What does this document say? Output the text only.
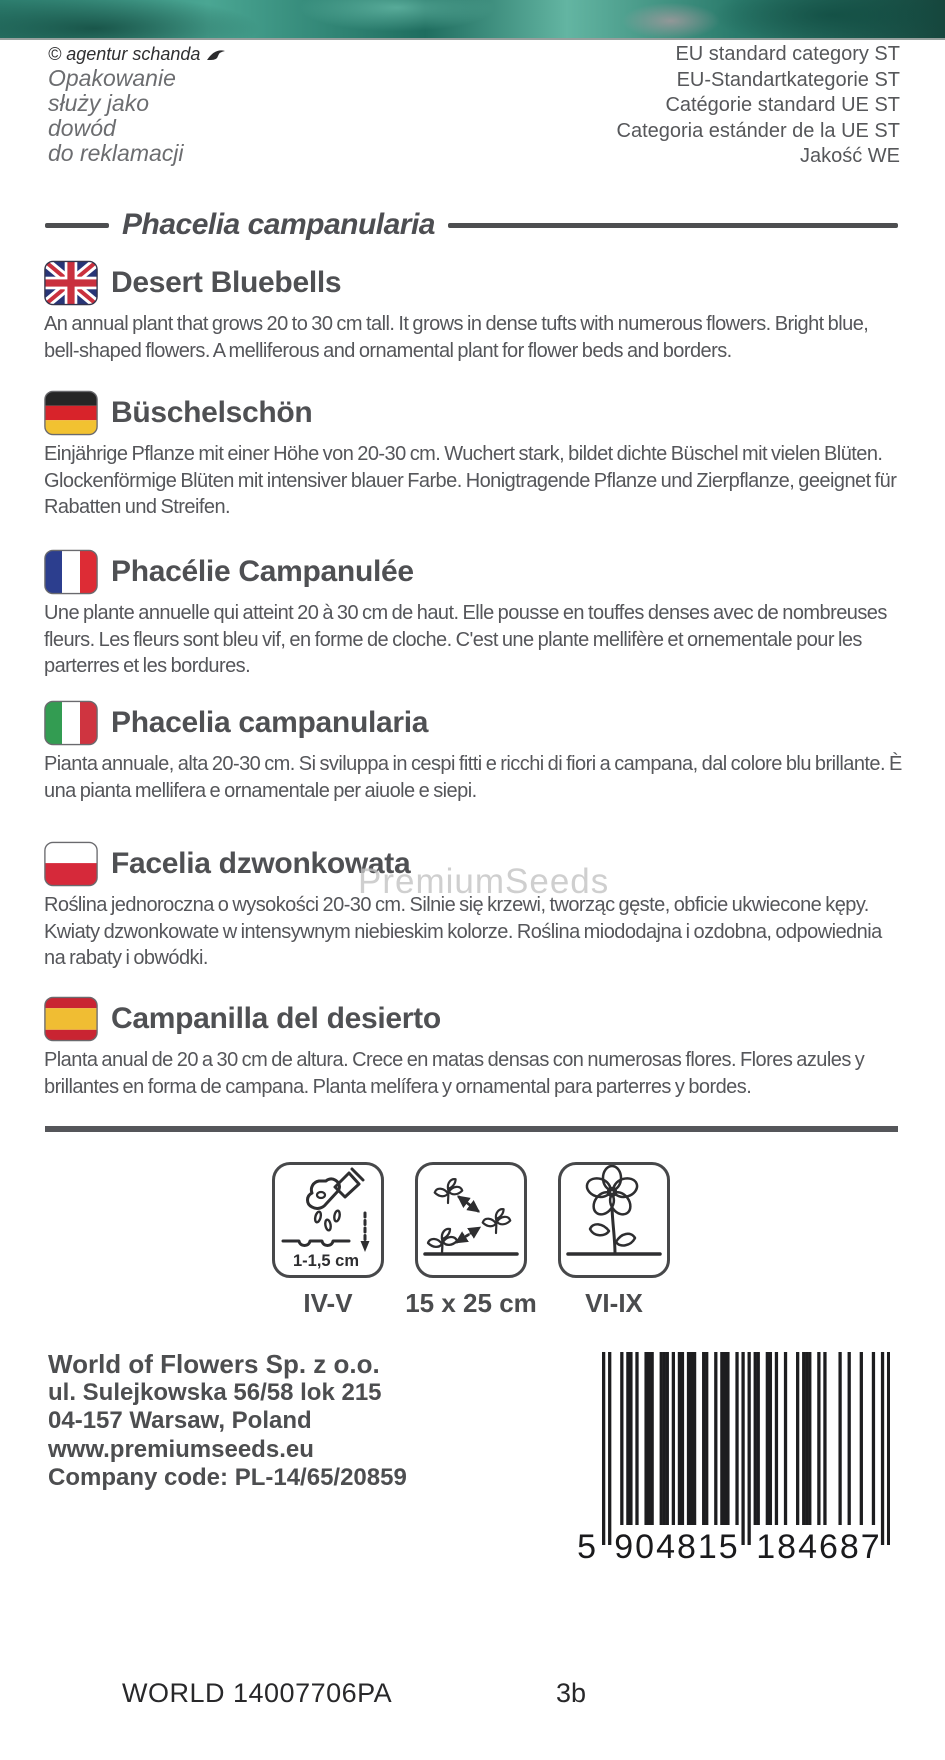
© agentur schanda
Opakowanie
służy jako
dowód
do reklamacji
EU standard category ST
EU-Standartkategorie ST
Catégorie standard UE ST
Categoria estánder de la UE ST
Jakość WE
Phacelia campanularia
Desert Bluebells

An annual plant that grows 20 to 30 cm tall. It grows in dense tufts with numerous flowers. Bright blue, bell-shaped flowers. A melliferous and ornamental plant for flower beds and borders.

Büschelschön

Einjährige Pflanze mit einer Höhe von 20-30 cm. Wuchert stark, bildet dichte Büschel mit vielen Blüten. Glockenförmige Blüten mit intensiver blauer Farbe. Honigtragende Pflanze und Zierpflanze, geeignet für Rabatten und Streifen.

Phacélie Campanulée

Une plante annuelle qui atteint 20 à 30 cm de haut. Elle pousse en touffes denses avec de nombreuses fleurs. Les fleurs sont bleu vif, en forme de cloche. C'est une plante mellifère et ornementale pour les parterres et les bordures.

Phacelia campanularia

Pianta annuale, alta 20-30 cm. Si sviluppa in cespi fitti e ricchi di fiori a campana, dal colore blu brillante. È una pianta mellifera e ornamentale per aiuole e siepi.

Facelia dzwonkowata

Roślina jednoroczna o wysokości 20-30 cm. Silnie się krzewi, tworząc gęste, obficie ukwiecone kępy. Kwiaty dzwonkowate w intensywnym niebieskim kolorze. Roślina miododajna i ozdobna, odpowiednia na rabaty i obwódki.

PremiumSeeds
Campanilla del desierto

Planta anual de 20 a 30 cm de altura. Crece en matas densas con numerosas flores. Flores azules y brillantes en forma de campana. Planta melífera y ornamental para parterres y bordes.

1-1,5 cm
IV-V	15 x 25 cm	VI-IX
World of Flowers Sp. z o.o.
ul. Sulejkowska 56/58 lok 215
04-157 Warsaw, Poland
www.premiumseeds.eu
Company code: PL-14/65/20859
5 904815 184687
WORLD 14007706PA	3b
